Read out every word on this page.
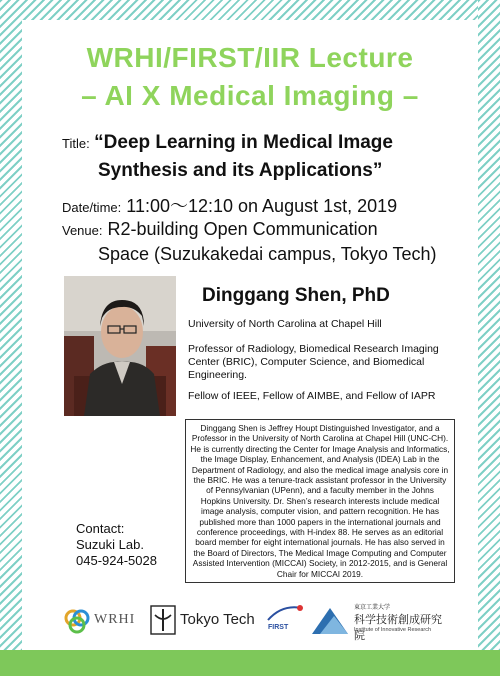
WRHI/FIRST/IIR Lecture
– AI X Medical Imaging –
Title: “Deep Learning in Medical Image
Synthesis and its Applications”
Date/time: 11:00～12:10 on August 1st, 2019
Venue: R2-building Open Communication
Space (Suzukakedai campus, Tokyo Tech)
Dinggang Shen, PhD
University of North Carolina at Chapel Hill
Professor of Radiology, Biomedical Research Imaging Center (BRIC), Computer Science, and Biomedical Engineering.
Fellow of IEEE, Fellow of AIMBE, and Fellow of IAPR
Dinggang Shen is Jeffrey Houpt Distinguished Investigator, and a Professor in the University of North Carolina at Chapel Hill (UNC-CH). He is currently directing the Center for Image Analysis and Informatics, the Image Display, Enhancement, and Analysis (IDEA) Lab in the Department of Radiology, and also the medical image analysis core in the BRIC. He was a tenure-track assistant professor in the University of Pennsylvanian (UPenn), and a faculty member in the Johns Hopkins University. Dr. Shen’s research interests include medical image analysis, computer vision, and pattern recognition. He has published more than 1000 papers in the international journals and conference proceedings, with H-index 88. He serves as an editorial board member for eight international journals. He has also served in the Board of Directors, The Medical Image Computing and Computer Assisted Intervention (MICCAI) Society, in 2012-2015, and is General Chair for MICCAI 2019.
Contact:
Suzuki Lab.
045-924-5028
WRHI	Tokyo Tech FIRST
東京工業大学
科学技術創成研究院
Institute of Innovative Research
